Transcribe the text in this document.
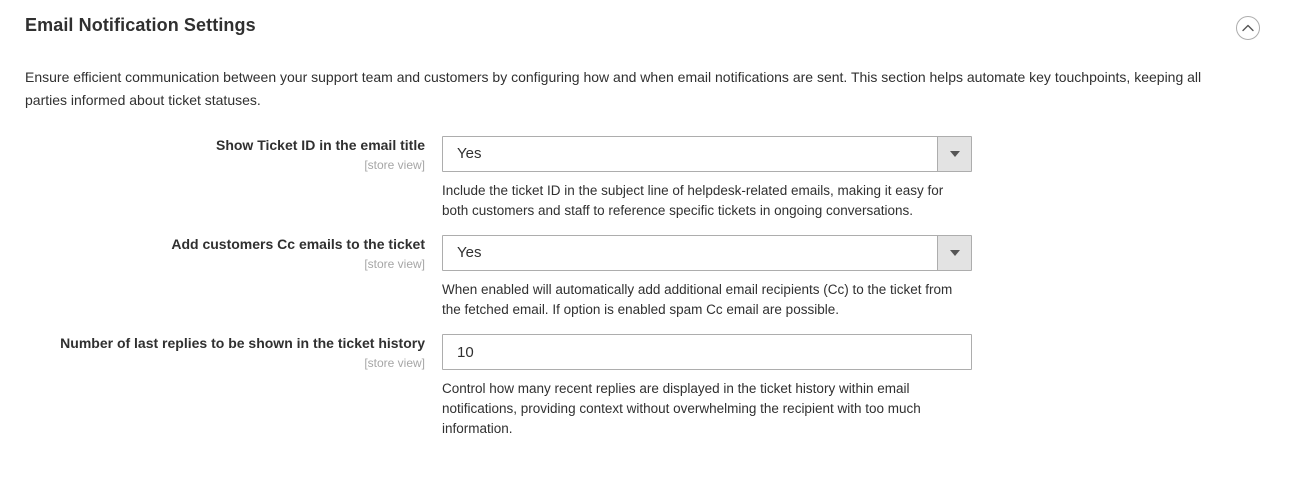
Email Notification Settings
Ensure efficient communication between your support team and customers by configuring how and when email notifications are sent. This section helps automate key touchpoints, keeping all parties informed about ticket statuses.
Show Ticket ID in the email title
[store view]
Yes
Include the ticket ID in the subject line of helpdesk-related emails, making it easy for both customers and staff to reference specific tickets in ongoing conversations.
Add customers Cc emails to the ticket
[store view]
Yes
When enabled will automatically add additional email recipients (Cc) to the ticket from the fetched email. If option is enabled spam Cc email are possible.
Number of last replies to be shown in the ticket history
[store view]
10
Control how many recent replies are displayed in the ticket history within email notifications, providing context without overwhelming the recipient with too much information.
